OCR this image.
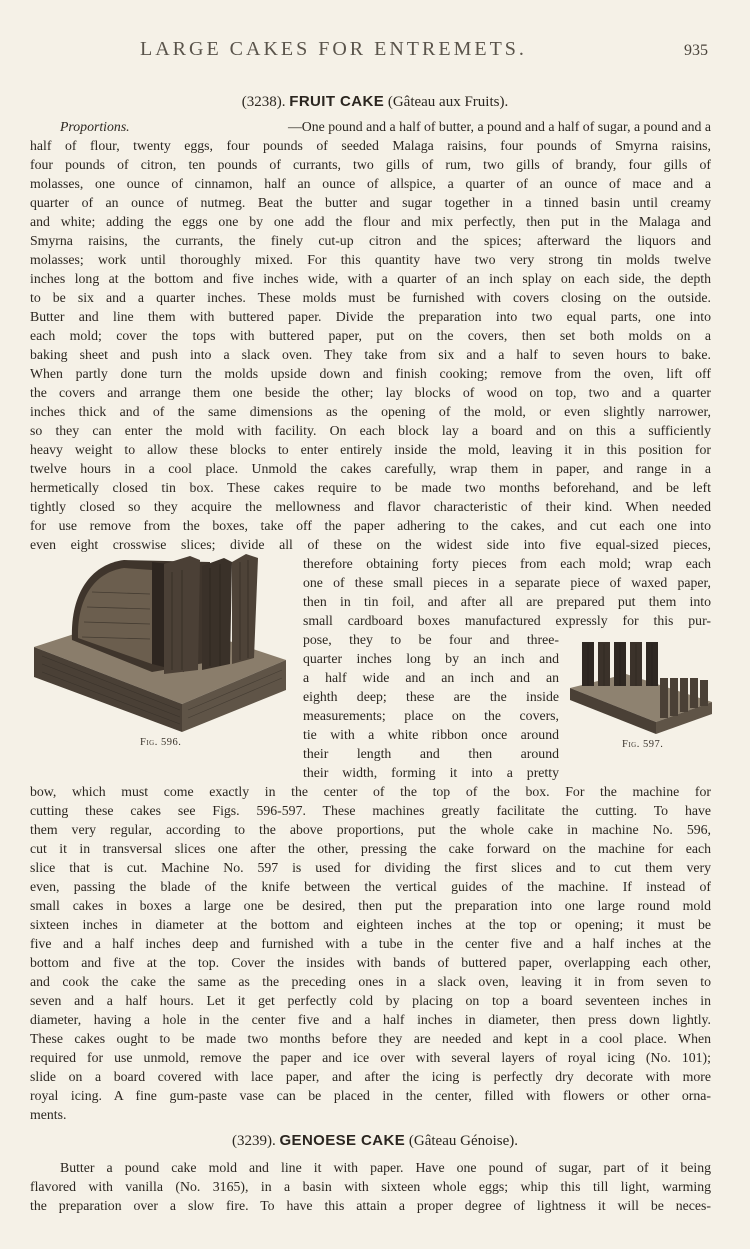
LARGE CAKES FOR ENTREMETS.	935
(3238). FRUIT CAKE (Gâteau aux Fruits).
Proportions.	—One pound and a half of butter, a pound and a half of sugar, a pound and a
half of flour, twenty eggs, four pounds of seeded Malaga raisins, four pounds of Smyrna raisins,
four pounds of citron, ten pounds of currants, two gills of rum, two gills of brandy, four gills of
molasses, one ounce of cinnamon, half an ounce of allspice, a quarter of an ounce of mace and a
quarter of an ounce of nutmeg. Beat the butter and sugar together in a tinned basin until creamy
and white; adding the eggs one by one add the flour and mix perfectly, then put in the Malaga and
Smyrna raisins, the currants, the finely cut-up citron and the spices; afterward the liquors and
molasses; work until thoroughly mixed. For this quantity have two very strong tin molds twelve
inches long at the bottom and five inches wide, with a quarter of an inch splay on each side, the depth
to be six and a quarter inches. These molds must be furnished with covers closing on the outside.
Butter and line them with buttered paper. Divide the preparation into two equal parts, one into
each mold; cover the tops with buttered paper, put on the covers, then set both molds on a
baking sheet and push into a slack oven. They take from six and a half to seven hours to bake.
When partly done turn the molds upside down and finish cooking; remove from the oven, lift off
the covers and arrange them one beside the other; lay blocks of wood on top, two and a quarter
inches thick and of the same dimensions as the opening of the mold, or even slightly narrower,
so they can enter the mold with facility. On each block lay a board and on this a sufficiently
heavy weight to allow these blocks to enter entirely inside the mold, leaving it in this position for
twelve hours in a cool place. Unmold the cakes carefully, wrap them in paper, and range in a
hermetically closed tin box. These cakes require to be made two months beforehand, and be left
tightly closed so they acquire the mellowness and flavor characteristic of their kind. When needed
for use remove from the boxes, take off the paper adhering to the cakes, and cut each one into
even eight crosswise slices; divide all of these on the widest side into five equal-sized pieces,
therefore obtaining forty pieces from each mold; wrap each
one of these small pieces in a separate piece of waxed paper,
then in tin foil, and after all are prepared put them into
small cardboard boxes manufactured expressly for this pur-
pose, they to be four and three-
quarter inches long by an inch and
a half wide and an inch and an
eighth deep; these are the inside
measurements; place on the covers,
tie with a white ribbon once around
their length and then around
their width, forming it into a pretty
bow, which must come exactly in the center of the top of the box. For the machine for
cutting these cakes see Figs. 596-597. These machines greatly facilitate the cutting. To have
them very regular, according to the above proportions, put the whole cake in machine No. 596,
cut it in transversal slices one after the other, pressing the cake forward on the machine for each
slice that is cut. Machine No. 597 is used for dividing the first slices and to cut them very
even, passing the blade of the knife between the vertical guides of the machine. If instead of
small cakes in boxes a large one be desired, then put the preparation into one large round mold
sixteen inches in diameter at the bottom and eighteen inches at the top or opening; it must be
five and a half inches deep and furnished with a tube in the center five and a half inches at the
bottom and five at the top. Cover the insides with bands of buttered paper, overlapping each other,
and cook the cake the same as the preceding ones in a slack oven, leaving it in from seven to
seven and a half hours. Let it get perfectly cold by placing on top a board seventeen inches in
diameter, having a hole in the center five and a half inches in diameter, then press down lightly.
These cakes ought to be made two months before they are needed and kept in a cool place. When
required for use unmold, remove the paper and ice over with several layers of royal icing (No. 101);
slide on a board covered with lace paper, and after the icing is perfectly dry decorate with more
royal icing. A fine gum-paste vase can be placed in the center, filled with flowers or other orna-
ments.
Fig. 596.	Fig. 597.
(3239). GENOESE CAKE (Gâteau Génoise).
Butter a pound cake mold and line it with paper. Have one pound of sugar, part of it being
flavored with vanilla (No. 3165), in a basin with sixteen whole eggs; whip this till light, warming
the preparation over a slow fire. To have this attain a proper degree of lightness it will be neces-
